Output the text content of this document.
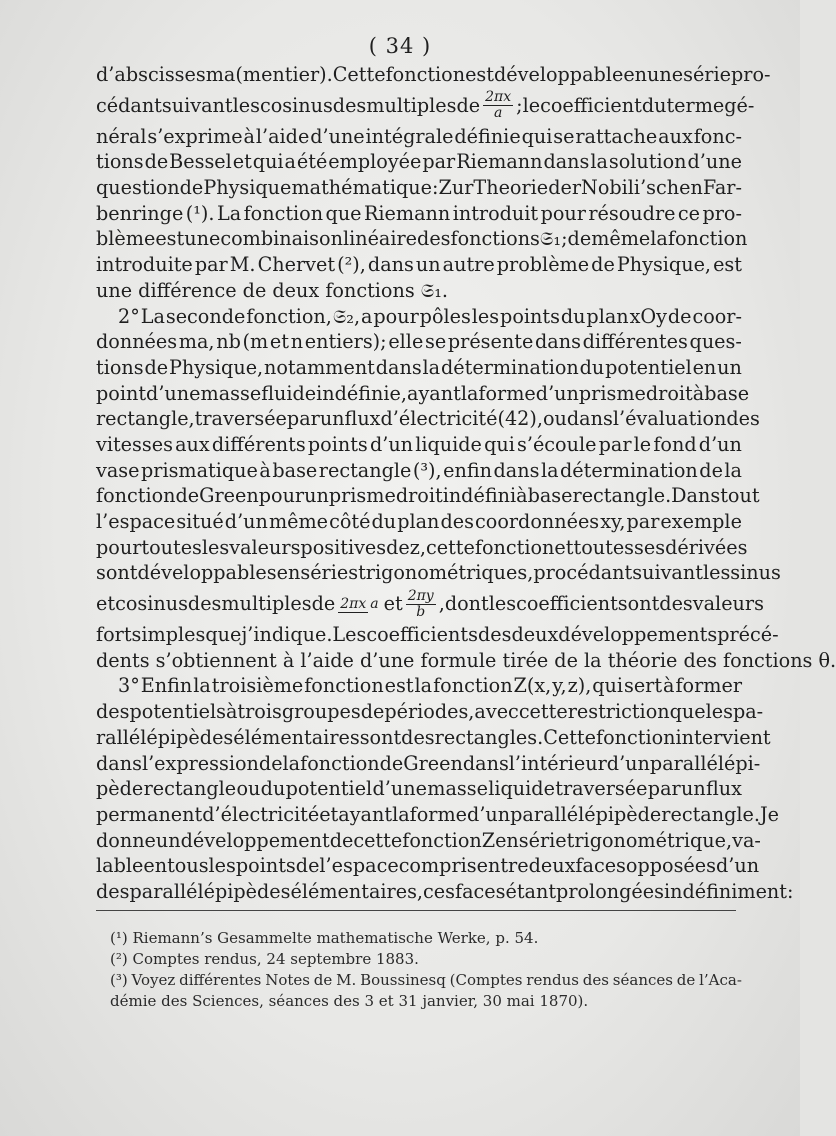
( 34 )
d’abscisses ma (m entier). Cette fonction est développable en une série pro-
cédant suivant les cosinus des multiples de $\frac{2\pi x}{a}$ ; le coefficient du terme gé-
néral s’exprime à l’aide d’une intégrale définie qui se rattache aux fonc-
tions de Bessel et qui a été employée par Riemann dans la solution d’une
question de Physique mathématique : Zur Theorie der Nobili’schen Far-
benringe (¹). La fonction que Riemann introduit pour résoudre ce pro-
blème est une combinaison linéaire des fonctions 𝔖₁ ; de même la fonction
introduite par M. Chervet (²), dans un autre problème de Physique, est
une différence de deux fonctions 𝔖₁.
2° La seconde fonction, 𝔖₂, a pour pôles les points du plan xOy de coor-
données ma, nb (m et n entiers); elle se présente dans différentes ques-
tions de Physique, notamment dans la détermination du potentiel en un
point d’une masse fluide indéfinie, ayant la forme d’un prisme droit à base
rectangle, traversée par un flux d’électricité (42), ou dans l’évaluation des
vitesses aux différents points d’un liquide qui s’écoule par le fond d’un
vase prismatique à base rectangle (³), enfin dans la détermination de la
fonction de Green pour un prisme droit indéfini à base rectangle. Dans tout
l’espace situé d’un même côté du plan des coordonnées xy, par exemple
pour toutes les valeurs positives de z, cette fonction et toutes ses dérivées
sont développables en séries trigonométriques, procédant suivant les sinus
et cosinus des multiples de 2πx a et $\frac{2\pi y}{b}$ , dont les coefficients ont des valeurs
fort simples que j’indique. Les coefficients des deux développements précé-
dents s’obtiennent à l’aide d’une formule tirée de la théorie des fonctions θ.
3° Enfin la troisième fonction est la fonction Z(x, y, z), qui sert à former
des potentiels à trois groupes de périodes, avec cette restriction que les pa-
rallélépipèdes élémentaires sont des rectangles. Cette fonction intervient
dans l’expression de la fonction de Green dans l’intérieur d’un parallélépi-
pède rectangle ou du potentiel d’une masse liquide traversée par un flux
permanent d’électricité et ayant la forme d’un parallélépipède rectangle. Je
donne un développement de cette fonction Z en série trigonométrique, va-
lable en tous les points de l’espace compris entre deux faces opposées d’un
des parallélépipèdes élémentaires, ces faces étant prolongées indéfiniment :
(¹) Riemann’s Gesammelte mathematische Werke, p. 54.
(²) Comptes rendus, 24 septembre 1883.
(³) Voyez différentes Notes de M. Boussinesq (Comptes rendus des séances de l’Aca-
démie des Sciences, séances des 3 et 31 janvier, 30 mai 1870).
